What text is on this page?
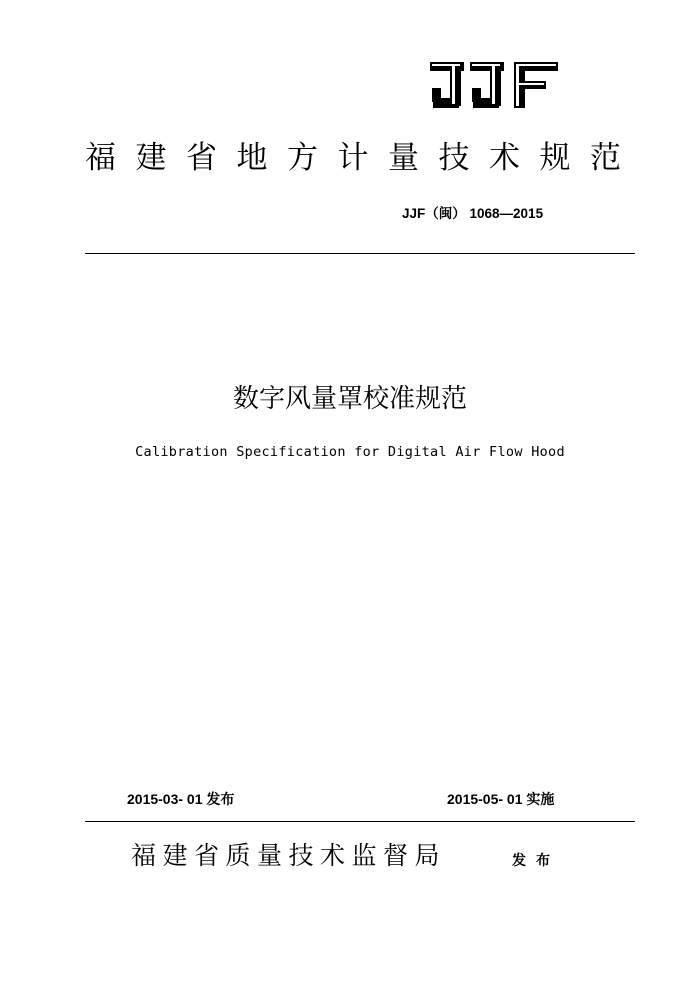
JJF
福建省地方计量技术规范
JJF（闽） 1068—2015
数字风量罩校准规范
Calibration Specification for Digital Air Flow Hood
2015-03- 01 发布	2015-05- 01 实施
福建省质量技术监督局	发布
